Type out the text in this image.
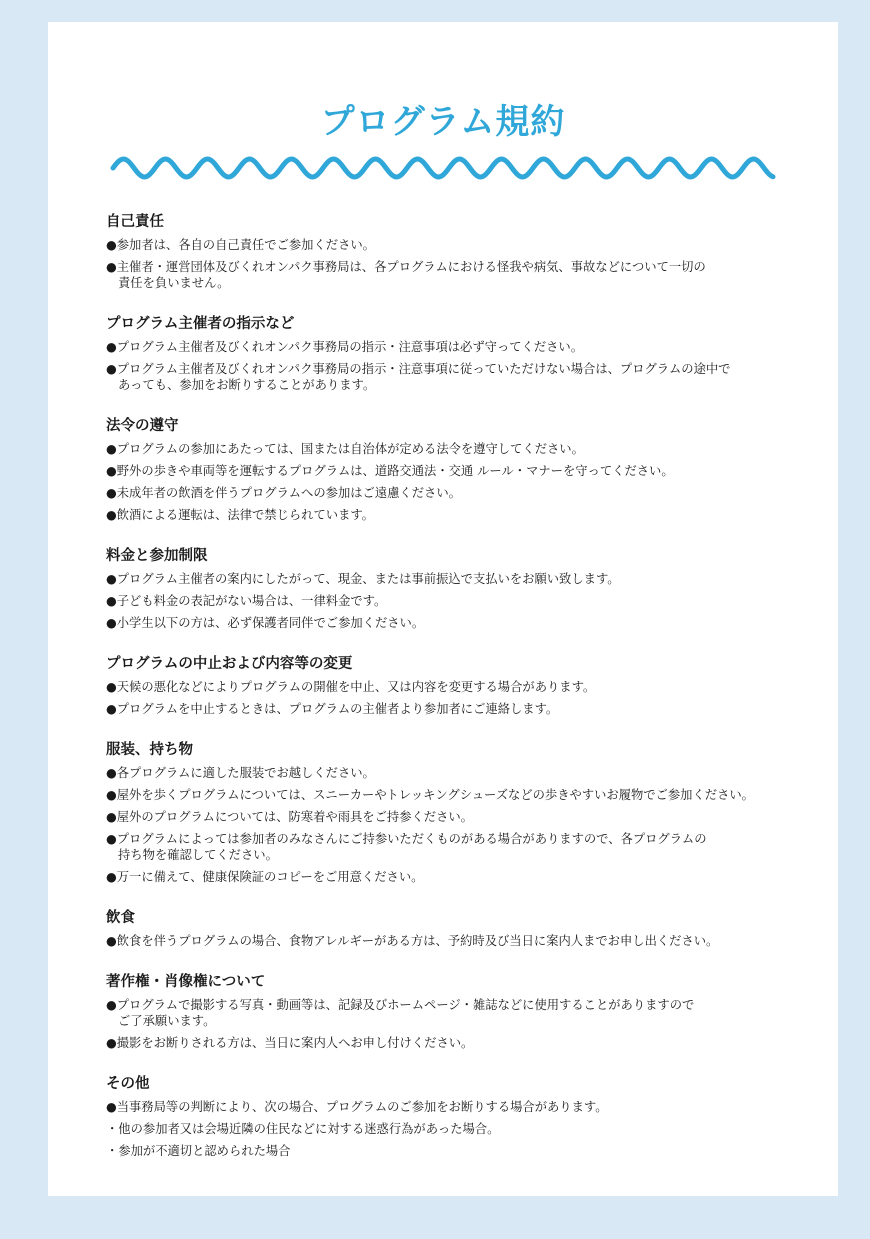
プログラム規約
自己責任
●参加者は、各自の自己責任でご参加ください。
●主催者・運営団体及びくれオンパク事務局は、各プログラムにおける怪我や病気、事故などについて一切の
責任を負いません。
プログラム主催者の指示など
●プログラム主催者及びくれオンパク事務局の指示・注意事項は必ず守ってください。
●プログラム主催者及びくれオンパク事務局の指示・注意事項に従っていただけない場合は、プログラムの途中で
あっても、参加をお断りすることがあります。
法令の遵守
●プログラムの参加にあたっては、国または自治体が定める法令を遵守してください。
●野外の歩きや車両等を運転するプログラムは、道路交通法・交通 ルール・マナーを守ってください。
●未成年者の飲酒を伴うプログラムへの参加はご遠慮ください。
●飲酒による運転は、法律で禁じられています。
料金と参加制限
●プログラム主催者の案内にしたがって、現金、または事前振込で支払いをお願い致します。
●子ども料金の表記がない場合は、一律料金です。
●小学生以下の方は、必ず保護者同伴でご参加ください。
プログラムの中止および内容等の変更
●天候の悪化などによりプログラムの開催を中止、又は内容を変更する場合があります。
●プログラムを中止するときは、プログラムの主催者より参加者にご連絡します。
服装、持ち物
●各プログラムに適した服装でお越しください。
●屋外を歩くプログラムについては、スニーカーやトレッキングシューズなどの歩きやすいお履物でご参加ください。
●屋外のプログラムについては、防寒着や雨具をご持参ください。
●プログラムによっては参加者のみなさんにご持参いただくものがある場合がありますので、各プログラムの
持ち物を確認してください。
●万一に備えて、健康保険証のコピーをご用意ください。
飲食
●飲食を伴うプログラムの場合、食物アレルギーがある方は、予約時及び当日に案内人までお申し出ください。
著作権・肖像権について
●プログラムで撮影する写真・動画等は、記録及びホームページ・雑誌などに使用することがありますので
ご了承願います。
●撮影をお断りされる方は、当日に案内人へお申し付けください。
その他
●当事務局等の判断により、次の場合、プログラムのご参加をお断りする場合があります。
・他の参加者又は会場近隣の住民などに対する迷惑行為があった場合。
・参加が不適切と認められた場合
